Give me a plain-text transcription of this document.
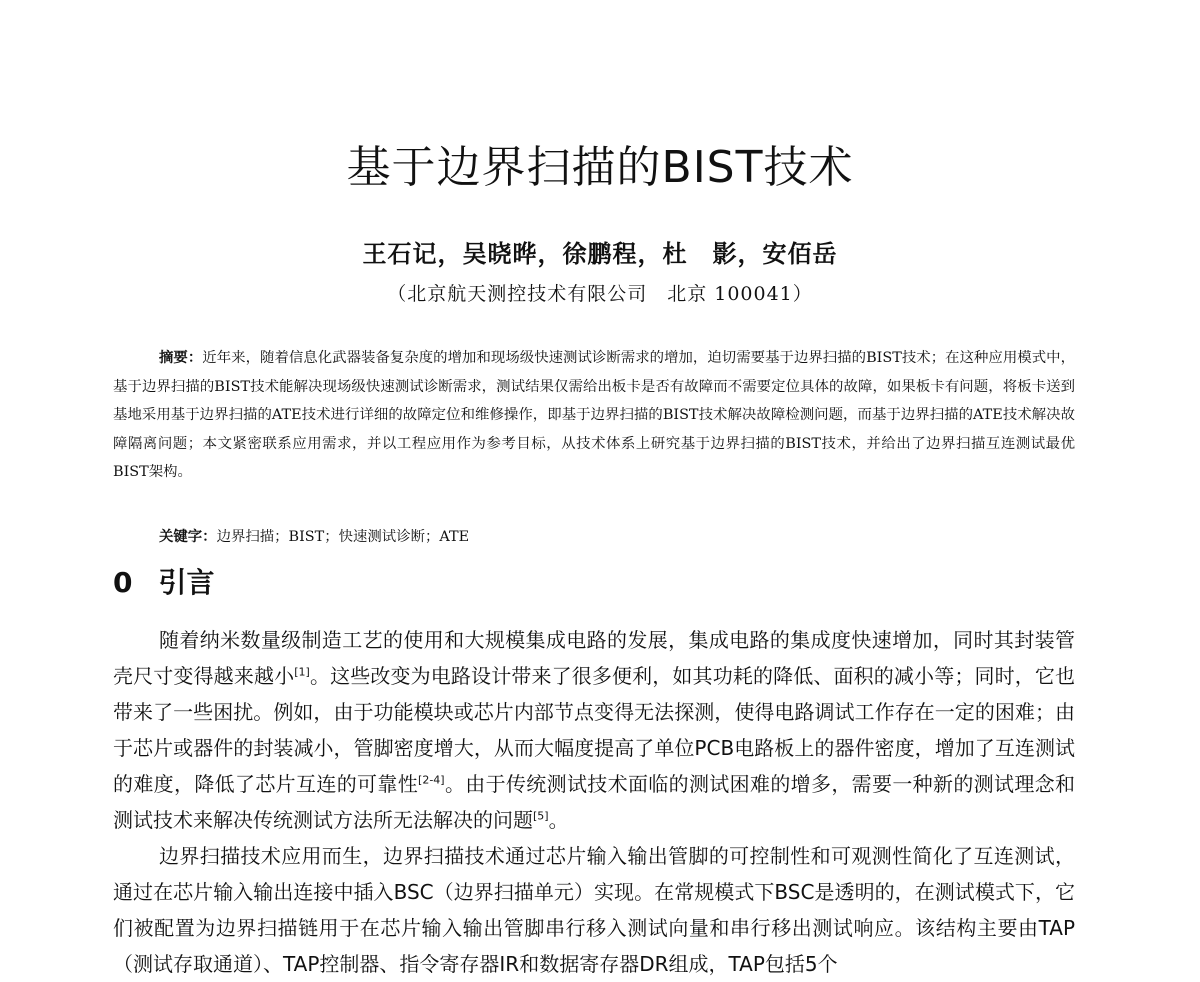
基于边界扫描的BIST技术
王石记，吴晓晔，徐鹏程，杜　影，安佰岳
（北京航天测控技术有限公司　北京 100041）

摘要：近年来，随着信息化武器装备复杂度的增加和现场级快速测试诊断需求的增加，迫切需要基于边界扫描的BIST技术；在这种应用模式中，基于边界扫描的BIST技术能解决现场级快速测试诊断需求，测试结果仅需给出板卡是否有故障而不需要定位具体的故障，如果板卡有问题，将板卡送到基地采用基于边界扫描的ATE技术进行详细的故障定位和维修操作，即基于边界扫描的BIST技术解决故障检测问题，而基于边界扫描的ATE技术解决故障隔离问题；本文紧密联系应用需求，并以工程应用作为参考目标，从技术体系上研究基于边界扫描的BIST技术，并给出了边界扫描互连测试最优BIST架构。

关键字：边界扫描；BIST；快速测试诊断；ATE
0 引言

随着纳米数量级制造工艺的使用和大规模集成电路的发展，集成电路的集成度快速增加，同时其封装管壳尺寸变得越来越小[1]。这些改变为电路设计带来了很多便利，如其功耗的降低、面积的减小等；同时，它也带来了一些困扰。例如，由于功能模块或芯片内部节点变得无法探测，使得电路调试工作存在一定的困难；由于芯片或器件的封装减小，管脚密度增大，从而大幅度提高了单位PCB电路板上的器件密度，增加了互连测试的难度，降低了芯片互连的可靠性[2-4]。由于传统测试技术面临的测试困难的增多，需要一种新的测试理念和测试技术来解决传统测试方法所无法解决的问题[5]。

边界扫描技术应用而生，边界扫描技术通过芯片输入输出管脚的可控制性和可观测性简化了互连测试，通过在芯片输入输出连接中插入BSC（边界扫描单元）实现。在常规模式下BSC是透明的，在测试模式下，它们被配置为边界扫描链用于在芯片输入输出管脚串行移入测试向量和串行移出测试响应。该结构主要由TAP（测试存取通道）、TAP控制器、指令寄存器IR和数据寄存器DR组成，TAP包括5个
